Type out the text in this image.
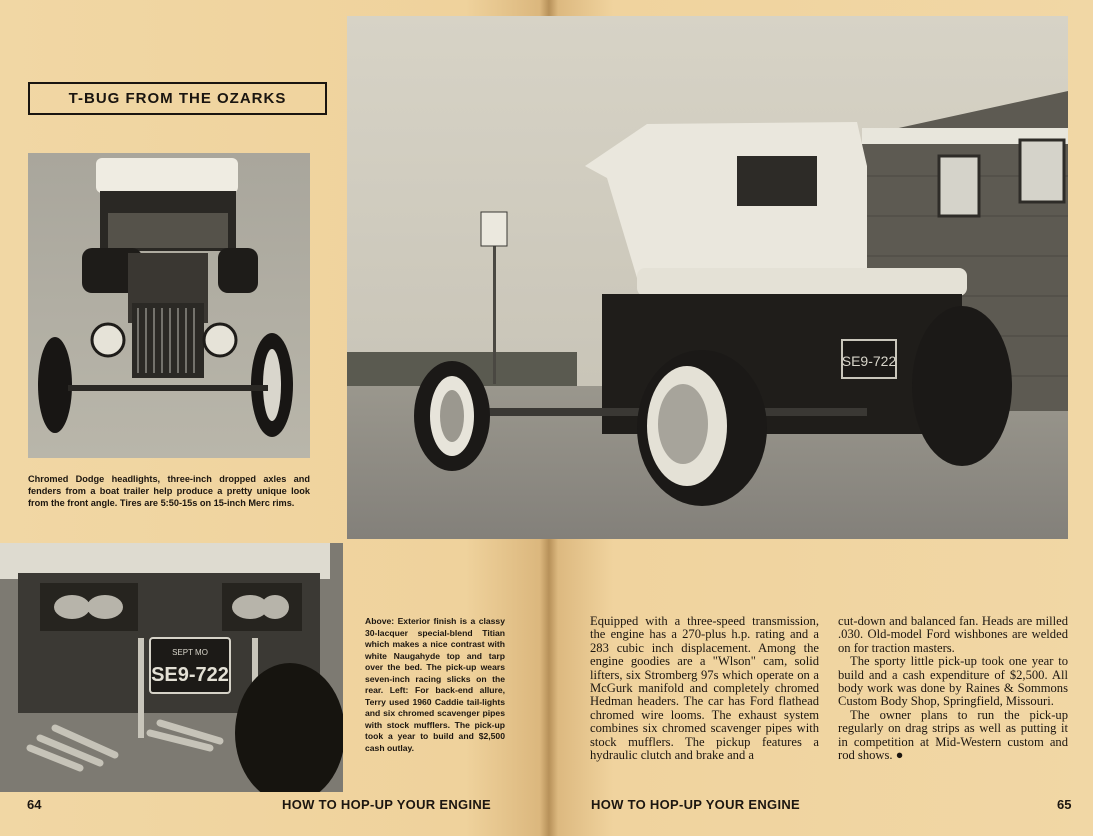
T-BUG FROM THE OZARKS
Chromed Dodge headlights, three-inch dropped axles and fenders from a boat trailer help produce a pretty unique look from the front angle. Tires are 5:50-15s on 15-inch Merc rims.
SE9-722
SEPT MO
SE9-722
Above: Exterior finish is a classy 30-lacquer special-blend Titian which makes a nice contrast with white Naugahyde top and tarp over the bed. The pick-up wears seven-inch racing slicks on the rear. Left: For back-end allure, Terry used 1960 Caddie tail-lights and six chromed scavenger pipes with stock mufflers. The pick-up took a year to build and $2,500 cash outlay.

Equipped with a three-speed transmission, the engine has a 270-plus h.p. rating and a 283 cubic inch displacement. Among the engine goodies are a "Wlson" cam, solid lifters, six Stromberg 97s which operate on a McGurk manifold and completely chromed Hedman headers. The car has Ford flathead chromed wire looms. The exhaust system combines six chromed scavenger pipes with stock mufflers. The pickup features a hydraulic clutch and brake and a

cut-down and balanced fan. Heads are milled .030. Old-model Ford wishbones are welded on for traction masters.

The sporty little pick-up took one year to build and a cash expenditure of $2,500. All body work was done by Raines & Sommons Custom Body Shop, Springfield, Missouri.

The owner plans to run the pick-up regularly on drag strips as well as putting it in competition at Mid-Western custom and rod shows. ●

64	HOW TO HOP-UP YOUR ENGINE	HOW TO HOP-UP YOUR ENGINE	65
